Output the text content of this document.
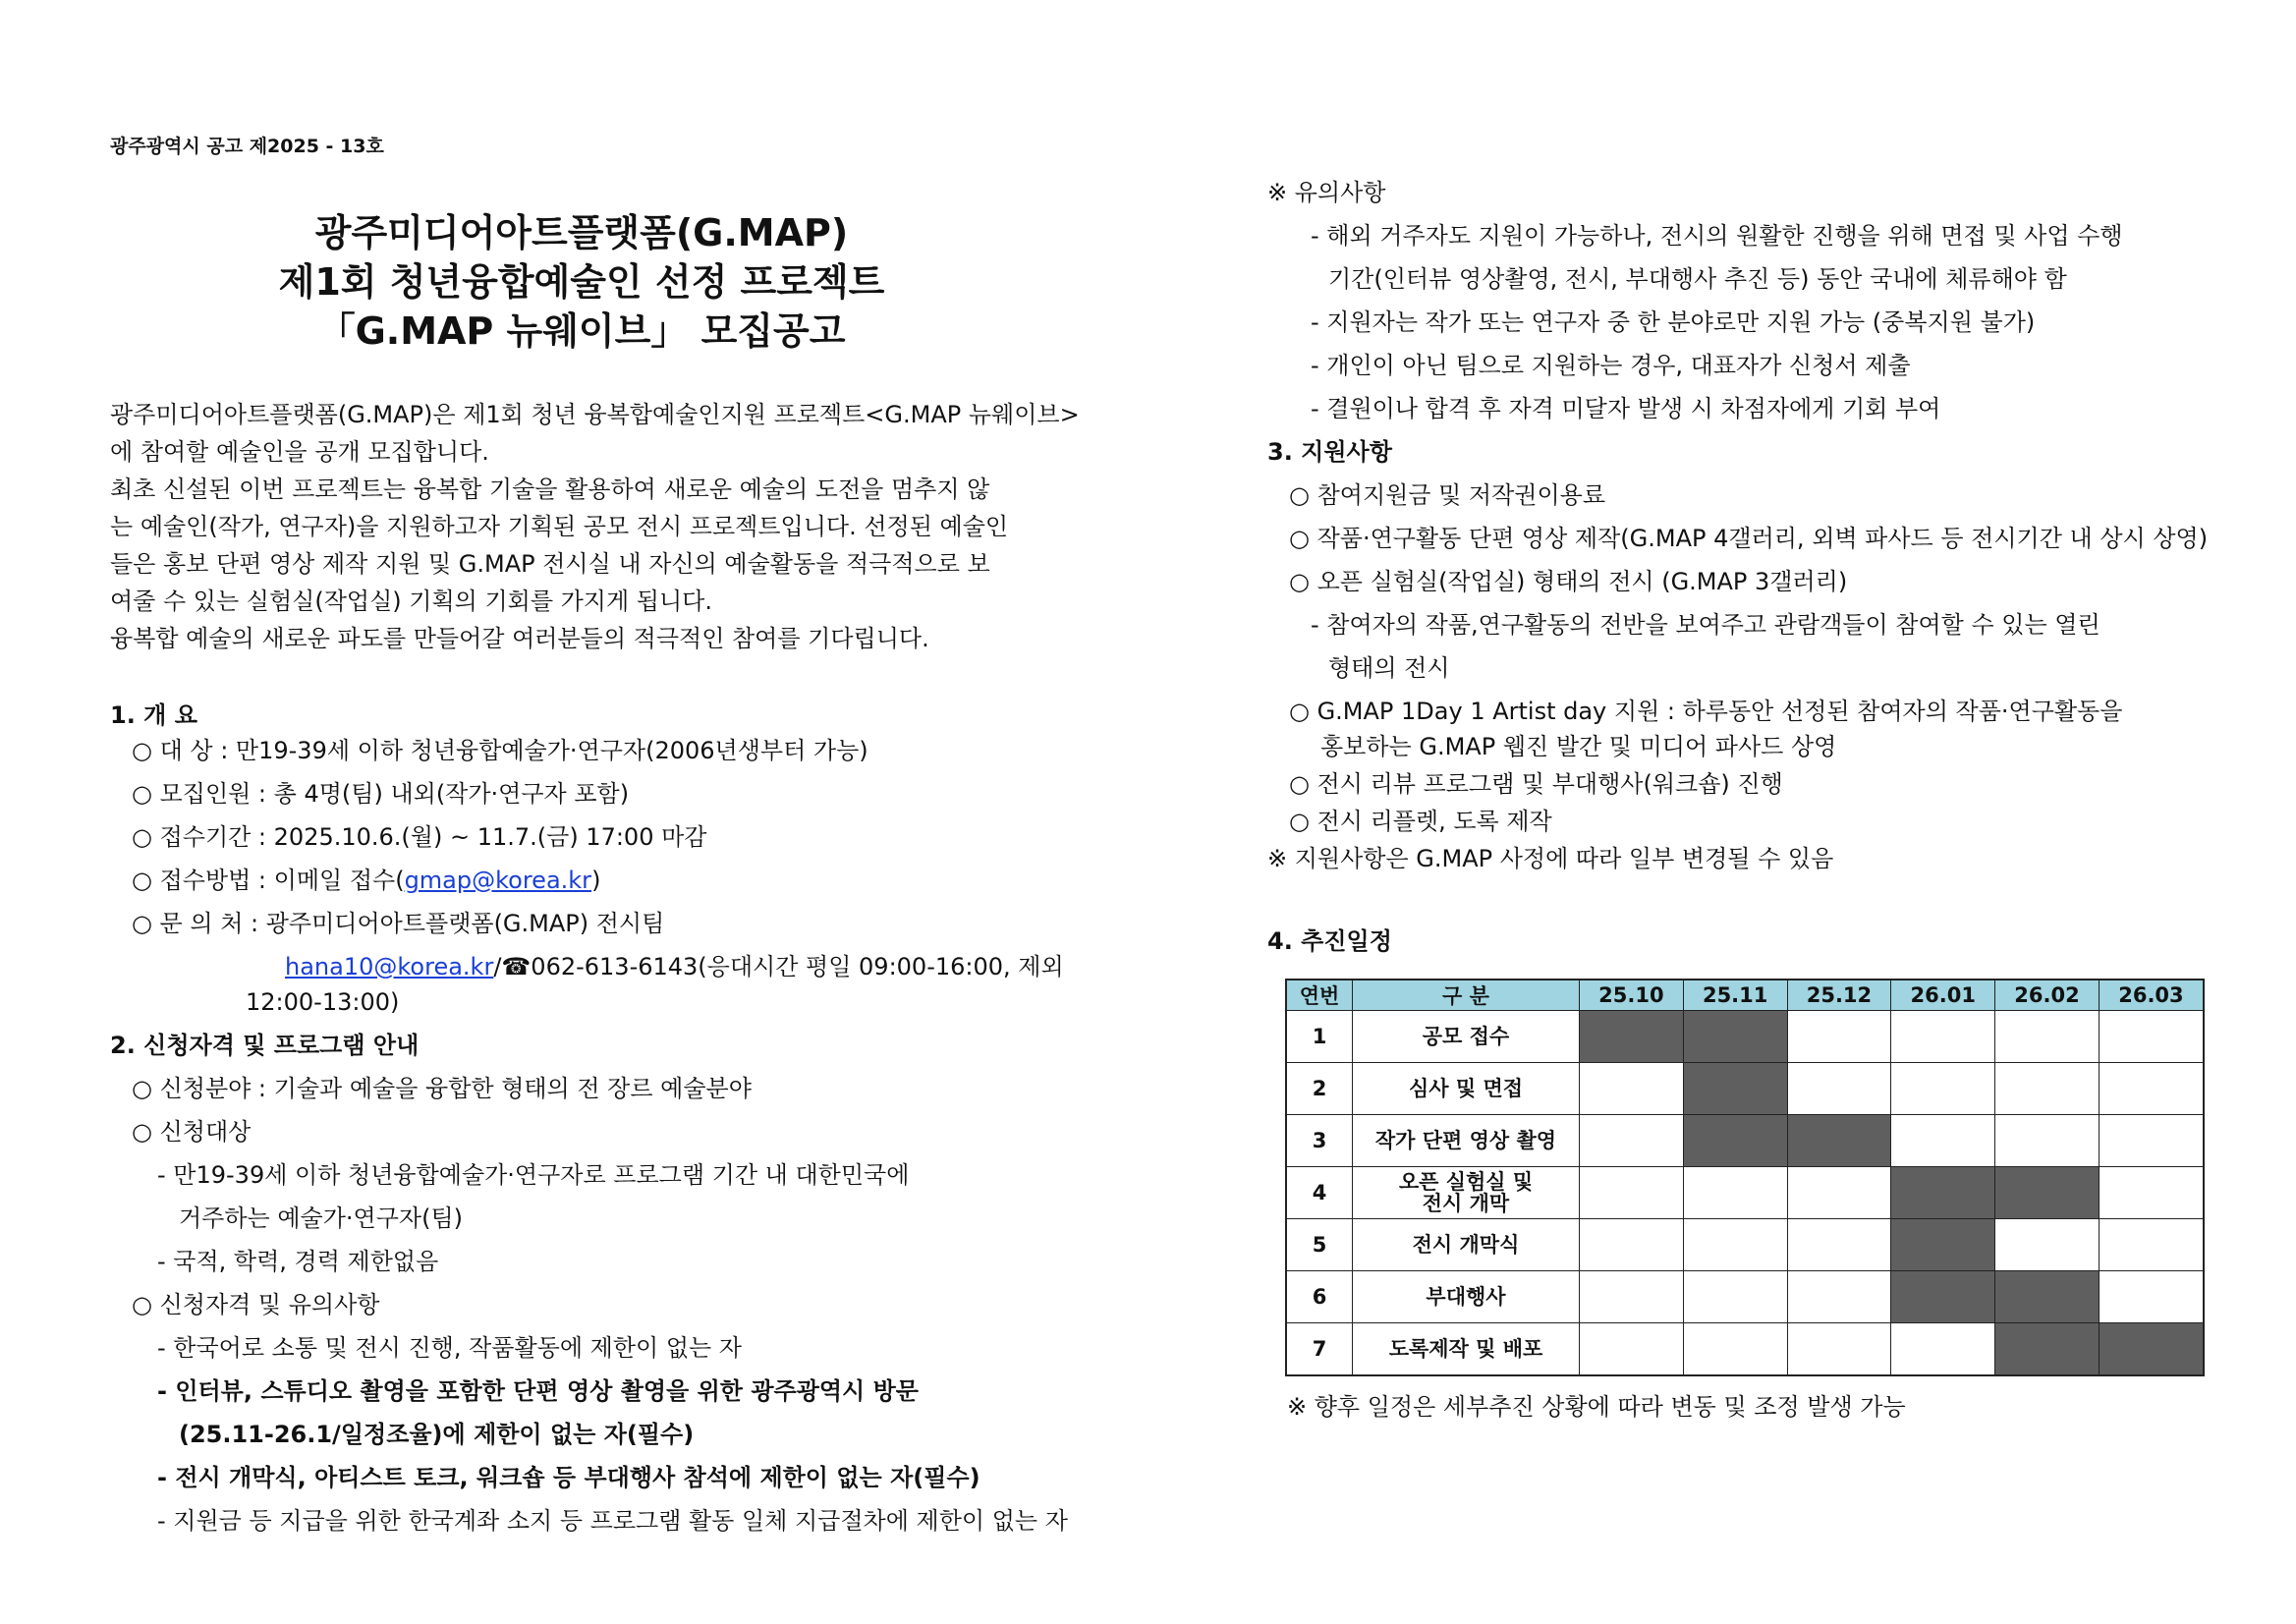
광주광역시 공고 제2025 - 13호
광주미디어아트플랫폼(G.MAP)
제1회 청년융합예술인 선정 프로젝트
「G.MAP 뉴웨이브」 모집공고
광주미디어아트플랫폼(G.MAP)은 제1회 청년 융복합예술인지원 프로젝트<G.MAP 뉴웨이브>
에 참여할 예술인을 공개 모집합니다.
최초 신설된 이번 프로젝트는 융복합 기술을 활용하여 새로운 예술의 도전을 멈추지 않
는 예술인(작가, 연구자)을 지원하고자 기획된 공모 전시 프로젝트입니다. 선정된 예술인
들은 홍보 단편 영상 제작 지원 및 G.MAP 전시실 내 자신의 예술활동을 적극적으로 보
여줄 수 있는 실험실(작업실) 기획의 기회를 가지게 됩니다.
융복합 예술의 새로운 파도를 만들어갈 여러분들의 적극적인 참여를 기다립니다.
1. 개 요
○ 대 상 : 만19-39세 이하 청년융합예술가·연구자(2006년생부터 가능)
○ 모집인원 : 총 4명(팀) 내외(작가·연구자 포함)
○ 접수기간 : 2025.10.6.(월) ~ 11.7.(금) 17:00 마감
○ 접수방법 : 이메일 접수(gmap@korea.kr)
○ 문 의 처 : 광주미디어아트플랫폼(G.MAP) 전시팀
hana10@korea.kr/☎062-613-6143(응대시간 평일 09:00-16:00, 제외
12:00-13:00)
2. 신청자격 및 프로그램 안내
○ 신청분야 : 기술과 예술을 융합한 형태의 전 장르 예술분야
○ 신청대상
- 만19-39세 이하 청년융합예술가·연구자로 프로그램 기간 내 대한민국에
거주하는 예술가·연구자(팀)
- 국적, 학력, 경력 제한없음
○ 신청자격 및 유의사항
- 한국어로 소통 및 전시 진행, 작품활동에 제한이 없는 자
- 인터뷰, 스튜디오 촬영을 포함한 단편 영상 촬영을 위한 광주광역시 방문
(25.11-26.1/일정조율)에 제한이 없는 자(필수)
- 전시 개막식, 아티스트 토크, 워크숍 등 부대행사 참석에 제한이 없는 자(필수)
- 지원금 등 지급을 위한 한국계좌 소지 등 프로그램 활동 일체 지급절차에 제한이 없는 자
※ 유의사항
- 해외 거주자도 지원이 가능하나, 전시의 원활한 진행을 위해 면접 및 사업 수행
기간(인터뷰 영상촬영, 전시, 부대행사 추진 등) 동안 국내에 체류해야 함
- 지원자는 작가 또는 연구자 중 한 분야로만 지원 가능 (중복지원 불가)
- 개인이 아닌 팀으로 지원하는 경우, 대표자가 신청서 제출
- 결원이나 합격 후 자격 미달자 발생 시 차점자에게 기회 부여
3. 지원사항
○ 참여지원금 및 저작권이용료
○ 작품·연구활동 단편 영상 제작(G.MAP 4갤러리, 외벽 파사드 등 전시기간 내 상시 상영)
○ 오픈 실험실(작업실) 형태의 전시 (G.MAP 3갤러리)
- 참여자의 작품,연구활동의 전반을 보여주고 관람객들이 참여할 수 있는 열린
형태의 전시
○ G.MAP 1Day 1 Artist day 지원 : 하루동안 선정된 참여자의 작품·연구활동을
홍보하는 G.MAP 웹진 발간 및 미디어 파사드 상영
○ 전시 리뷰 프로그램 및 부대행사(워크숍) 진행
○ 전시 리플렛, 도록 제작
※ 지원사항은 G.MAP 사정에 따라 일부 변경될 수 있음
4. 추진일정
※ 향후 일정은 세부추진 상황에 따라 변동 및 조정 발생 가능
연번	구 분	25.10	25.11	25.12	26.01	26.02	26.03
1	공모 접수						
2	심사 및 면접						
3	작가 단편 영상 촬영						
4	오픈 실험실 및
전시 개막						
5	전시 개막식						
6	부대행사						
7	도록제작 및 배포						
